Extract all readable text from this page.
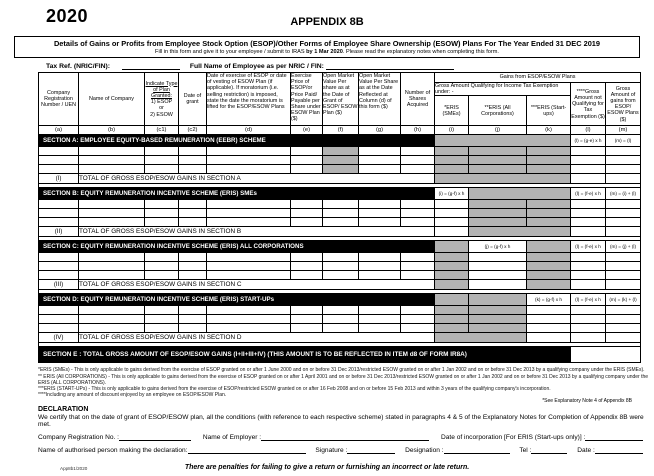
2020	APPENDIX 8B
Details of Gains or Profits from Employee Stock Option (ESOP)/Other Forms of Employee Share Ownership (ESOW) Plans For The Year Ended 31 DEC 2019
Fill in this form and give it to your employee / submit to IRAS by 1 Mar 2020. Please read the explanatory notes when completing this form.
Tax Ref. (NRIC/FIN):	Full Name of Employee as per NRIC / FIN:
Company Registration Number / UEN	Name of Company	Indicate Type of Plan Granted:
1) ESOP
or
2) ESOW	Date of grant	Date of exercise of ESOP or date of vesting of ESOW Plan (if applicable). If moratorium (i.e. selling restriction) is imposed, state the date the moratorium is lifted for the ESOP/ESOW Plans	Exercise Price of ESOP/or Price Paid/ Payable per Share under ESOW Plan ($)	Open Market Value Per share as at the Date of Grant of ESOP/ ESOW Plan ($)	Open Market Value Per Share as at the Date Reflected at Column (d) of this form ($)	Number of Shares Acquired	Gains from ESOP/ESOW Plans				
									Gross Amount Qualifying for Income Tax Exemption under: -			****Gross Amount not Qualifying for Tax Exemption ($)	Gross Amount of gains from ESOP/ ESOW Plans ($)
									*ERIS (SMEs)	**ERIS (All Corporations)	***ERIS (Start-ups)		
(a)	(b)	(c1)	(c2)	(d)	(e)	(f)	(g)	(h)	(i)	(j)	(k)	(l)	(m)
SECTION A: EMPLOYEE EQUITY-BASED REMUNERATION (EEBR) SCHEME												(l) = (g-e) x h	(m) = (l)

(I)	TOTAL OF GROSS ESOP/ESOW GAINS IN SECTION A												

SECTION B: EQUITY REMUNERATION INCENTIVE SCHEME (ERIS) SMEs									(i) = (g-f) x h			(l) = (f-e) x h	(m) = (i) + (l)

(II)	TOTAL OF GROSS ESOP/ESOW GAINS IN SECTION B												

SECTION C: EQUITY REMUNERATION INCENTIVE SCHEME (ERIS) ALL CORPORATIONS										(j) = (g-f) x h		(l) = (f-e) x h	(m) = (j) + (l)

(III)	TOTAL OF GROSS ESOP/ESOW GAINS IN SECTION C												

SECTION D: EQUITY REMUNERATION INCENTIVE SCHEME (ERIS) START-UPs											(k) = (g-f) x h	(l) = (f-e) x h	(m) = (k) + (l)

(IV)	TOTAL OF GROSS ESOP/ESOW GAINS IN SECTION D												

SECTION E : TOTAL GROSS AMOUNT OF ESOP/ESOW GAINS (I+II+III+IV) (THIS AMOUNT IS TO BE REFLECTED IN ITEM d8 OF FORM IR8A)													
*ERIS (SMEs) - This is only applicable to gains derived from the exercise of ESOP granted on or after 1 June 2000 and on or before 31 Dec 2013/restricted ESOW granted on or after 1 Jan 2002 and on or before 31 Dec 2013 by a qualifying company under the ERIS (SMEs).
** ERIS (All CORPORATIONS) - This is only applicable to gains derived from the exercise of ESOP granted on or after 1 April 2001 and on or before 31 Dec 2013/restricted ESOW granted on or after 1 Jan 2002 and on or before 31 Dec 2013 by a qualifying company under the ERIS (ALL CORPORATIONS).
***ERIS (START-UPs) - This is only applicable to gains derived from the exercise of ESOP/restricted ESOW granted on or after 16 Feb 2008 and on or before 15 Feb 2013 and within 3 years of the qualifying company's incorporation.
****Including any amount of discount enjoyed by an employee on ESOP/ESOW Plan.
*See Explanatory Note 4 of Appendix 8B
DECLARATION
We certify that on the date of grant of ESOP/ESOW plan, all the conditions (with reference to each respective scheme) stated in paragraphs 4 & 5 of the Explanatory Notes for Completion of Appendix 8B were met.
Company Registration No. :	Name of Employer :	Date of incorporation [For ERIS (Start-ups only)] :
Name of authorised person making the declaration:	Signature :	Designation :	Tel :	Date :
App8b1/2020	There are penalties for failing to give a return or furnishing an incorrect or late return.
